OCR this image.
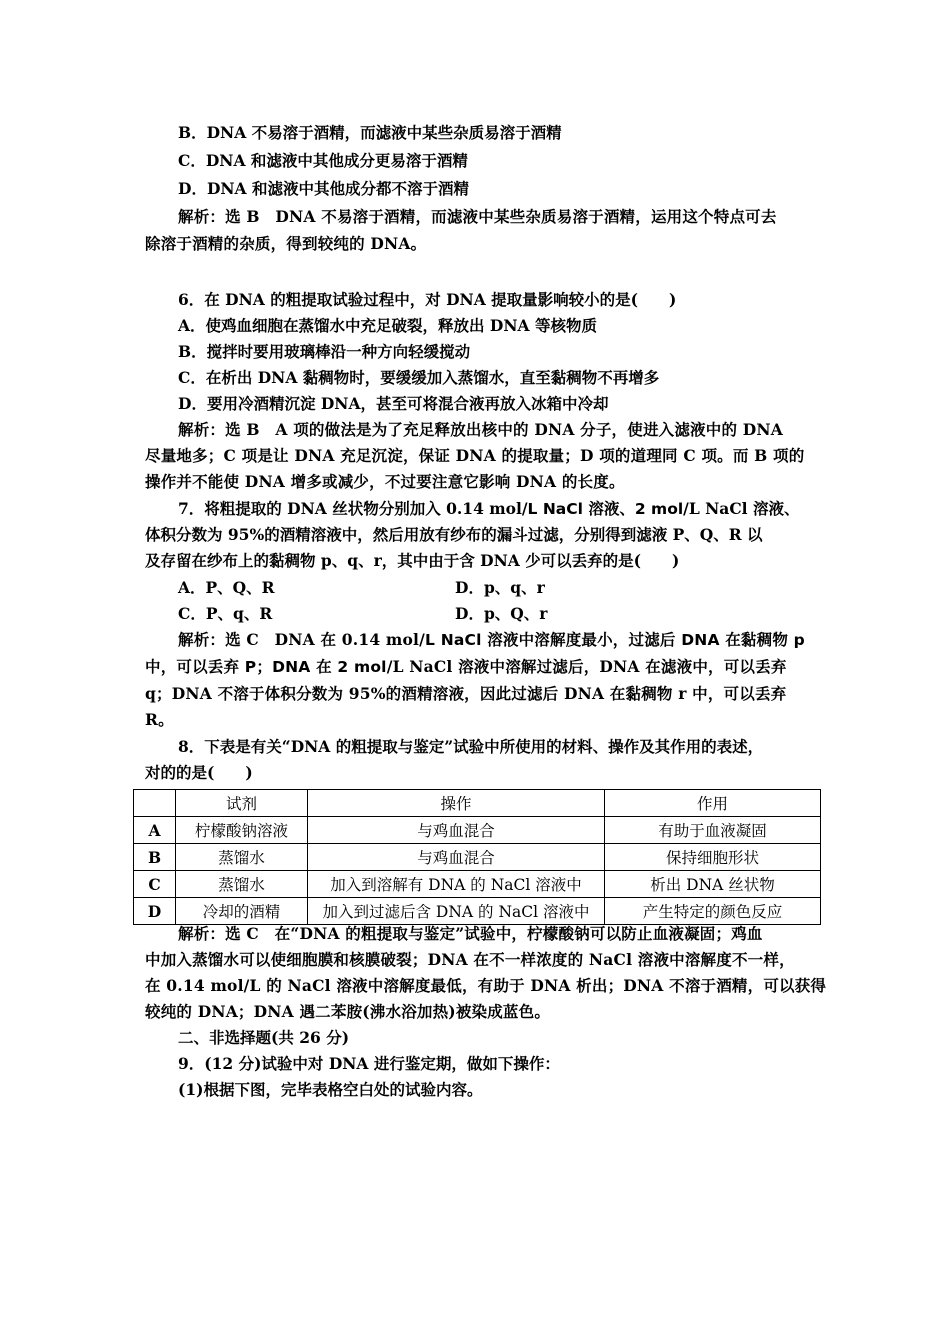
B．DNA 不易溶于酒精，而滤液中某些杂质易溶于酒精
C．DNA 和滤液中其他成分更易溶于酒精
D．DNA 和滤液中其他成分都不溶于酒精
解析：选 B　DNA 不易溶于酒精，而滤液中某些杂质易溶于酒精，运用这个特点可去
除溶于酒精的杂质，得到较纯的 DNA。
6．在 DNA 的粗提取试验过程中，对 DNA 提取量影响较小的是(　　)
A．使鸡血细胞在蒸馏水中充足破裂，释放出 DNA 等核物质
B．搅拌时要用玻璃棒沿一种方向轻缓搅动
C．在析出 DNA 黏稠物时，要缓缓加入蒸馏水，直至黏稠物不再增多
D．要用冷酒精沉淀 DNA，甚至可将混合液再放入冰箱中冷却
解析：选 B　A 项的做法是为了充足释放出核中的 DNA 分子，使进入滤液中的 DNA
尽量地多；C 项是让 DNA 充足沉淀，保证 DNA 的提取量；D 项的道理同 C 项。而 B 项的
操作并不能使 DNA 增多或减少，不过要注意它影响 DNA 的长度。
7．将粗提取的 DNA 丝状物分别加入 0.14 mol/L NaCl 溶液、2 mol/L NaCl 溶液、
体积分数为 95%的酒精溶液中，然后用放有纱布的漏斗过滤，分别得到滤液 P、Q、R 以
及存留在纱布上的黏稠物 p、q、r，其中由于含 DNA 少可以丢弃的是(　　)
A．P、Q、R	D．p、q、r
C．P、q、R	D．p、Q、r
解析：选 C　DNA 在 0.14 mol/L NaCl 溶液中溶解度最小，过滤后 DNA 在黏稠物 p
中，可以丢弃 P；DNA 在 2 mol/L NaCl 溶液中溶解过滤后，DNA 在滤液中，可以丢弃
q；DNA 不溶于体积分数为 95%的酒精溶液，因此过滤后 DNA 在黏稠物 r 中，可以丢弃
R。
8．下表是有关“DNA 的粗提取与鉴定”试验中所使用的材料、操作及其作用的表述，
对的的是(　　)
	试剂	操作	作用
A	柠檬酸钠溶液	与鸡血混合	有助于血液凝固
B	蒸馏水	与鸡血混合	保持细胞形状
C	蒸馏水	加入到溶解有 DNA 的 NaCl 溶液中	析出 DNA 丝状物
D	冷却的酒精	加入到过滤后含 DNA 的 NaCl 溶液中	产生特定的颜色反应
解析：选 C　在“DNA 的粗提取与鉴定”试验中，柠檬酸钠可以防止血液凝固；鸡血
中加入蒸馏水可以使细胞膜和核膜破裂；DNA 在不一样浓度的 NaCl 溶液中溶解度不一样，
在 0.14 mol/L 的 NaCl 溶液中溶解度最低，有助于 DNA 析出；DNA 不溶于酒精，可以获得
较纯的 DNA；DNA 遇二苯胺(沸水浴加热)被染成蓝色。
二、非选择题(共 26 分)
9．(12 分)试验中对 DNA 进行鉴定期，做如下操作：
(1)根据下图，完毕表格空白处的试验内容。
